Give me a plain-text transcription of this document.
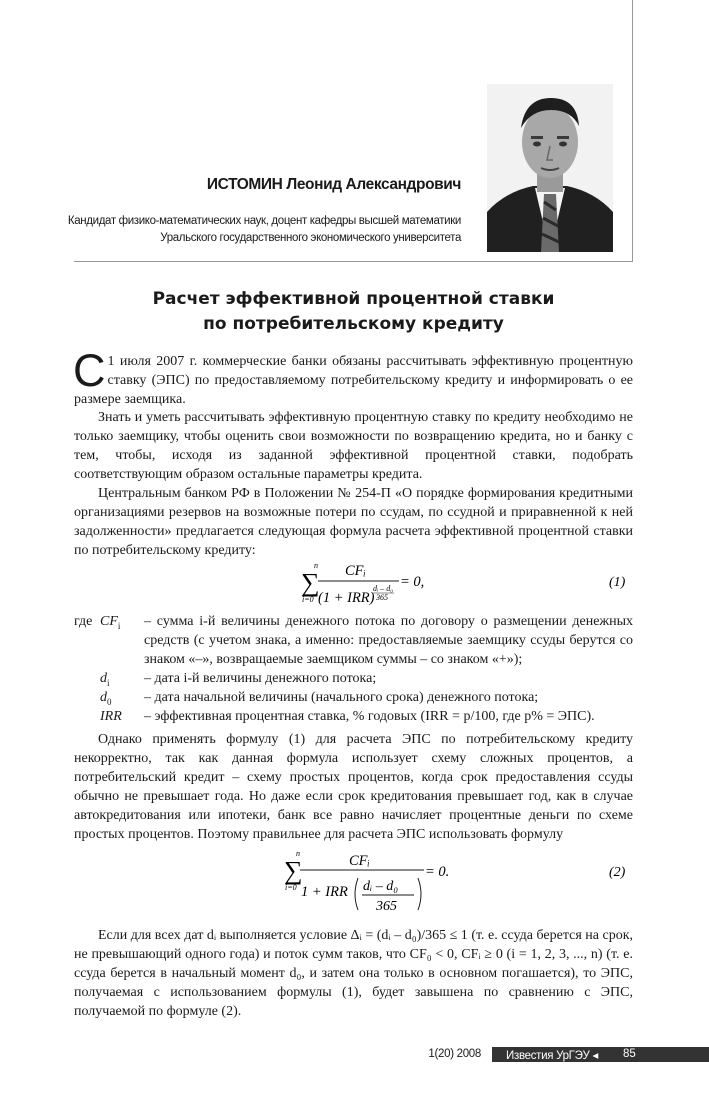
ИСТОМИН Леонид Александрович
Кандидат физико-математических наук, доцент кафедры высшей математики
Уральского государственного экономического университета
Расчет эффективной процентной ставки
по потребительскому кредиту
С 1 июля 2007 г. коммерческие банки обязаны рассчитывать эффективную процентную ставку (ЭПС) по предоставляемому потребительскому кредиту и информировать о ее размере заемщика.
Знать и уметь рассчитывать эффективную процентную ставку по кредиту необходимо не только заемщику, чтобы оценить свои возможности по возвращению кредита, но и банку с тем, чтобы, исходя из заданной эффективной процентной ставки, подобрать соответствующим образом остальные параметры кредита.
Центральным банком РФ в Положении № 254-П «О порядке формирования кредитными организациями резервов на возможные потери по ссудам, по ссудной и приравненной к ней задолженности» предлагается следующая формула расчета эффективной процентной ставки по потребительскому кредиту:
n
∑
i=0
CFᵢ
(1 + IRR)
dᵢ – d₀
365
= 0,	(1)
где $CF_i$ – сумма i-й величины денежного потока по договору о размещении денежных средств (с учетом знака, а именно: предоставляемые заемщику ссуды берутся со знаком «–», возвращаемые заемщиком суммы – со знаком «+»);
$d_i$ – дата i-й величины денежного потока;
$d_0$ – дата начальной величины (начального срока) денежного потока;
IRR – эффективная процентная ставка, % годовых (IRR = p/100, где p% = ЭПС).
Однако применять формулу (1) для расчета ЭПС по потребительскому кредиту некорректно, так как данная формула использует схему сложных процентов, а потребительский кредит – схему простых процентов, когда срок предоставления ссуды обычно не превышает года. Но даже если срок кредитования превышает год, как в случае автокредитования или ипотеки, банк все равно начисляет процентные деньги по схеме простых процентов. Поэтому правильнее для расчета ЭПС использовать формулу
n
∑
i=0
CFᵢ
1 + IRR dᵢ – d₀
365
= 0.	(2)
Если для всех дат dᵢ выполняется условие Δᵢ = (dᵢ – d₀)/365 ≤ 1 (т. е. ссуда берется на срок, не превышающий одного года) и поток сумм таков, что CF₀ < 0, CFᵢ ≥ 0 (i = 1, 2, 3, ..., n) (т. е. ссуда берется в начальный момент d₀, и затем она только в основном погашается), то ЭПС, получаемая с использованием формулы (1), будет завышена по сравнению с ЭПС, получаемой по формуле (2).
1(20) 2008 Известия УрГЭУ ◂ 85
